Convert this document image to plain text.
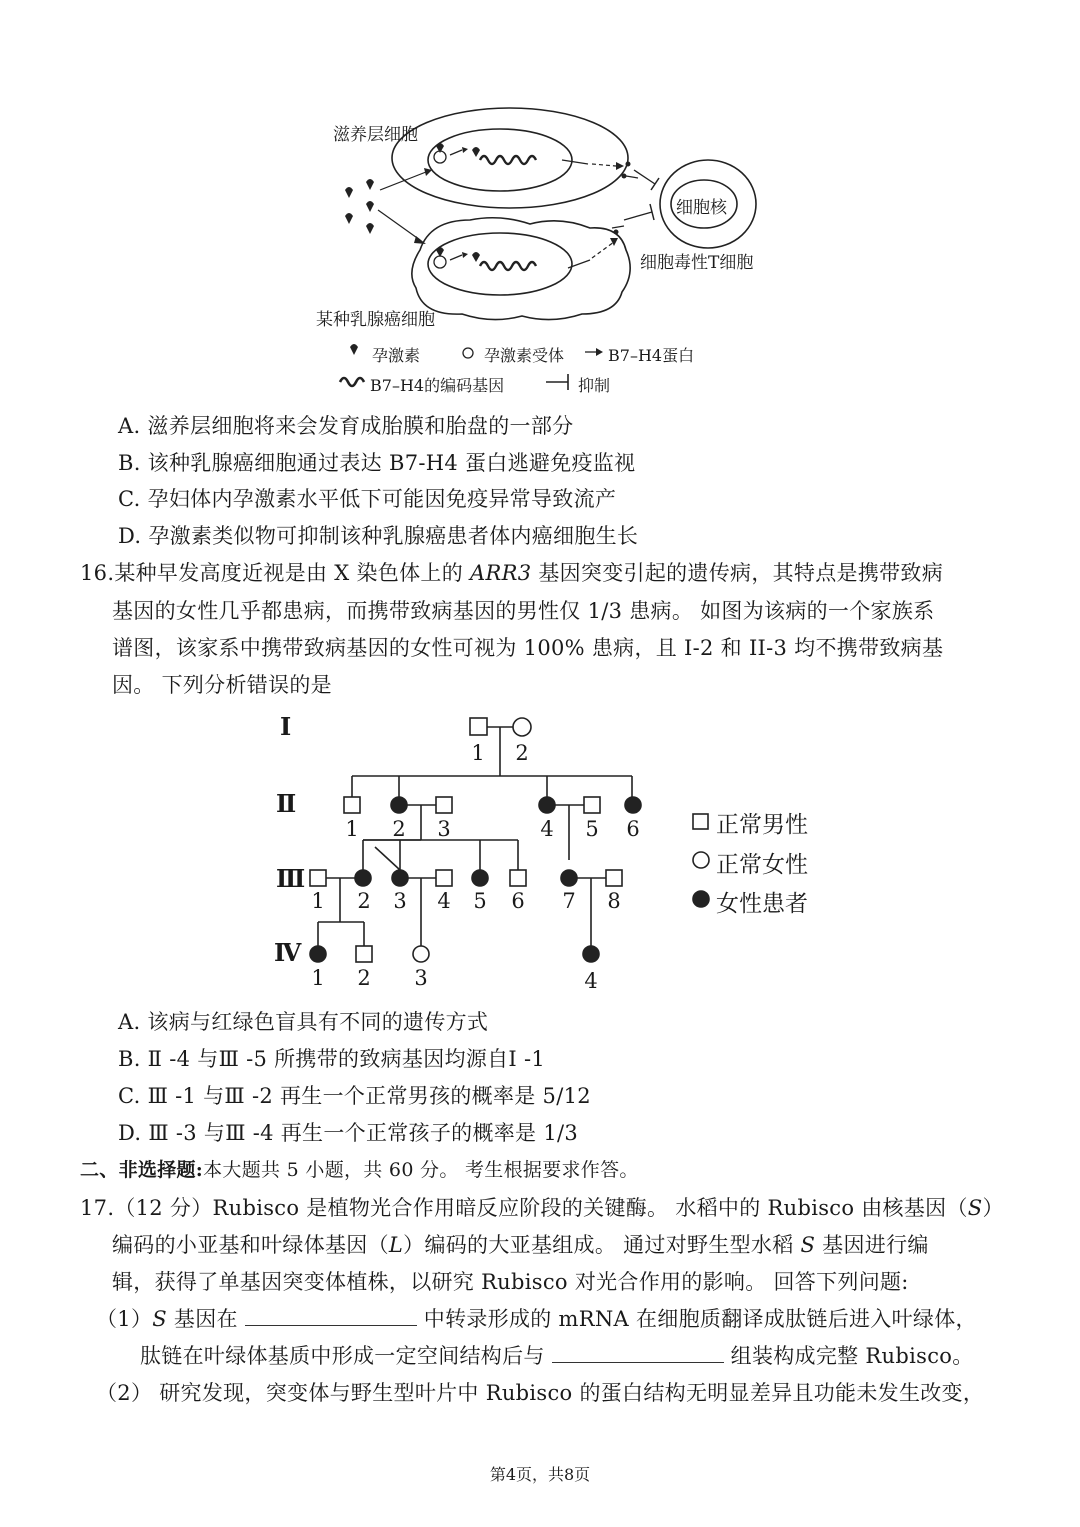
滋养层细胞
某种乳腺癌细胞
细胞核
细胞毒性T细胞
孕激素	孕激素受体	B7–H4蛋白
B7–H4的编码基因	抑制
A. 滋养层细胞将来会发育成胎膜和胎盘的一部分
B. 该种乳腺癌细胞通过表达 B7-H4 蛋白逃避免疫监视
C. 孕妇体内孕激素水平低下可能因免疫异常导致流产
D. 孕激素类似物可抑制该种乳腺癌患者体内癌细胞生长
16.某种早发高度近视是由 X 染色体上的 ARR3 基因突变引起的遗传病，其特点是携带致病
基因的女性几乎都患病，而携带致病基因的男性仅 1/3 患病。 如图为该病的一个家族系
谱图，该家系中携带致病基因的女性可视为 100% 患病，且 I-2 和 II-3 均不携带致病基
因。 下列分析错误的是
I
Ⅱ
Ⅲ
Ⅳ
1 2
1 2 3	4 5 6
1 2 3 4 5 6 7 8
1 2 3	4
正常男性
正常女性
女性患者
A. 该病与红绿色盲具有不同的遗传方式
B. Ⅱ -4 与Ⅲ -5 所携带的致病基因均源自Ⅰ -1
C. Ⅲ -1 与Ⅲ -2 再生一个正常男孩的概率是 5/12
D. Ⅲ -3 与Ⅲ -4 再生一个正常孩子的概率是 1/3
二、非选择题:本大题共 5 小题，共 60 分。 考生根据要求作答。
17.（12 分）Rubisco 是植物光合作用暗反应阶段的关键酶。 水稻中的 Rubisco 由核基因（S）
编码的小亚基和叶绿体基因（L）编码的大亚基组成。 通过对野生型水稻 S 基因进行编
辑，获得了单基因突变体植株，以研究 Rubisco 对光合作用的影响。 回答下列问题:
（1）S 基因在	中转录形成的 mRNA 在细胞质翻译成肽链后进入叶绿体，
肽链在叶绿体基质中形成一定空间结构后与	组装构成完整 Rubisco。
（2） 研究发现，突变体与野生型叶片中 Rubisco 的蛋白结构无明显差异且功能未发生改变，
第4页，共8页
